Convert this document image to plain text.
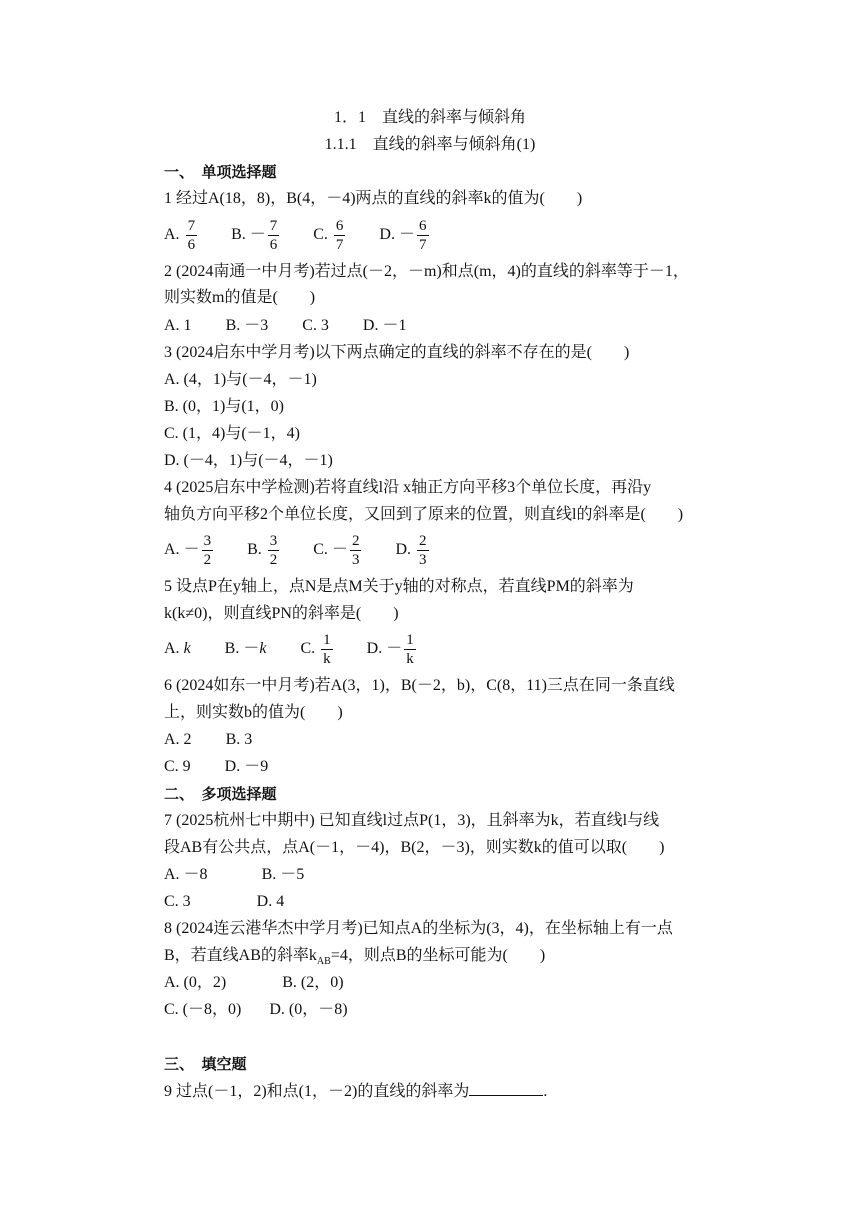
1．1　直线的斜率与倾斜角
1.1.1　直线的斜率与倾斜角(1)
一、　单项选择题
1 经过A(18，8)，B(4，－4)两点的直线的斜率k的值为(　　)
A. $\frac{7}{6} B$. － $\frac{7}{6} C$. $\frac{6}{7} D$. － $\frac{6}{7}$
2 (2024南通一中月考)若过点(－2，－m)和点(m，4)的直线的斜率等于－1，
则实数m的值是(　　)
A. 1 B. －3 C. 3 D. －1
3 (2024启东中学月考)以下两点确定的直线的斜率不存在的是(　　)
A. (4，1)与(－4，－1)
B. (0，1)与(1，0)
C. (1，4)与(－1，4)
D. (－4，1)与(－4，－1)
4 (2025启东中学检测)若将直线l沿 x轴正方向平移3个单位长度，再沿y
轴负方向平移2个单位长度，又回到了原来的位置，则直线l的斜率是(　　)
A. － $\frac{3}{2} B$. $\frac{3}{2} C$. － $\frac{2}{3} D$. $\frac{2}{3}$
5 设点P在y轴上，点N是点M关于y轴的对称点，若直线PM的斜率为
k(k≠0)，则直线PN的斜率是(　　)
A. k B. －k C. $\frac{1}{k} D$. － $\frac{1}{k}$
6 (2024如东一中月考)若A(3，1)，B(－2，b)，C(8，11)三点在同一条直线
上，则实数b的值为(　　)
A. 2 B. 3
C. 9 D. －9
二、　多项选择题
7 (2025杭州七中期中) 已知直线l过点P(1，3)，且斜率为k，若直线l与线
段AB有公共点，点A(－1，－4)，B(2，－3)，则实数k的值可以取(　　)
A. －8	B. －5
C. 3	D. 4
8 (2024连云港华杰中学月考)已知点A的坐标为(3，4)，在坐标轴上有一点
B，若直线AB的斜率$k_{AB}=4$，则点B的坐标可能为(　　)
A. (0，2)	B. (2，0)
C. (－8，0) D. (0，－8)
三、　填空题
9 过点(－1，2)和点(1，－2)的直线的斜率为	.
